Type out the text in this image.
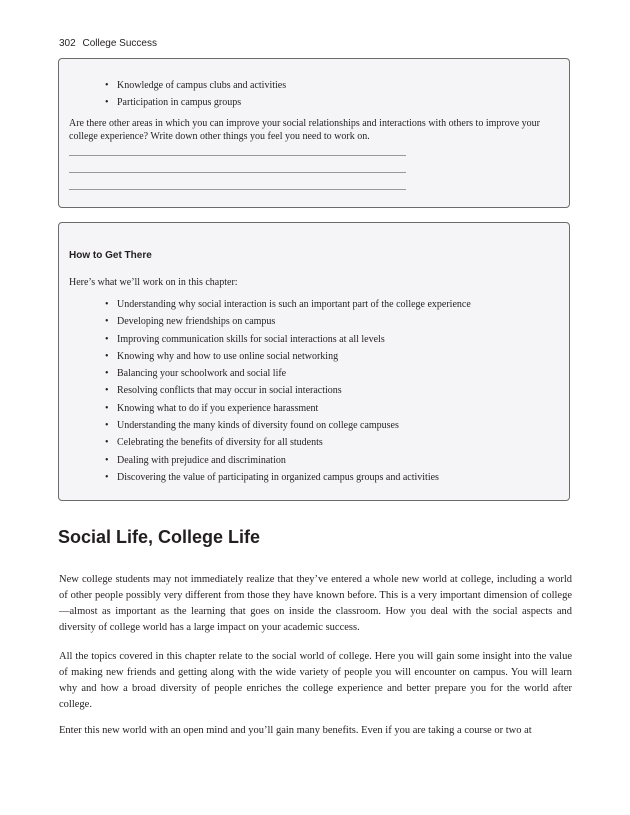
302 College Success
• Knowledge of campus clubs and activities
• Participation in campus groups

Are there other areas in which you can improve your social relationships and interactions with others to improve your college experience? Write down other things you feel you need to work on.

How to Get There

Here’s what we’ll work on in this chapter:

• Understanding why social interaction is such an important part of the college experience
• Developing new friendships on campus
• Improving communication skills for social interactions at all levels
• Knowing why and how to use online social networking
• Balancing your schoolwork and social life
• Resolving conflicts that may occur in social interactions
• Knowing what to do if you experience harassment
• Understanding the many kinds of diversity found on college campuses
• Celebrating the benefits of diversity for all students
• Dealing with prejudice and discrimination
• Discovering the value of participating in organized campus groups and activities
Social Life, College Life

New college students may not immediately realize that they’ve entered a whole new world at college, including a world of other people possibly very different from those they have known before. This is a very important dimension of college—almost as important as the learning that goes on inside the classroom. How you deal with the social aspects and diversity of college world has a large impact on your academic success.

All the topics covered in this chapter relate to the social world of college. Here you will gain some insight into the value of making new friends and getting along with the wide variety of people you will encounter on campus. You will learn why and how a broad diversity of people enriches the college experience and better prepare you for the world after college.

Enter this new world with an open mind and you’ll gain many benefits. Even if you are taking a course or two at
